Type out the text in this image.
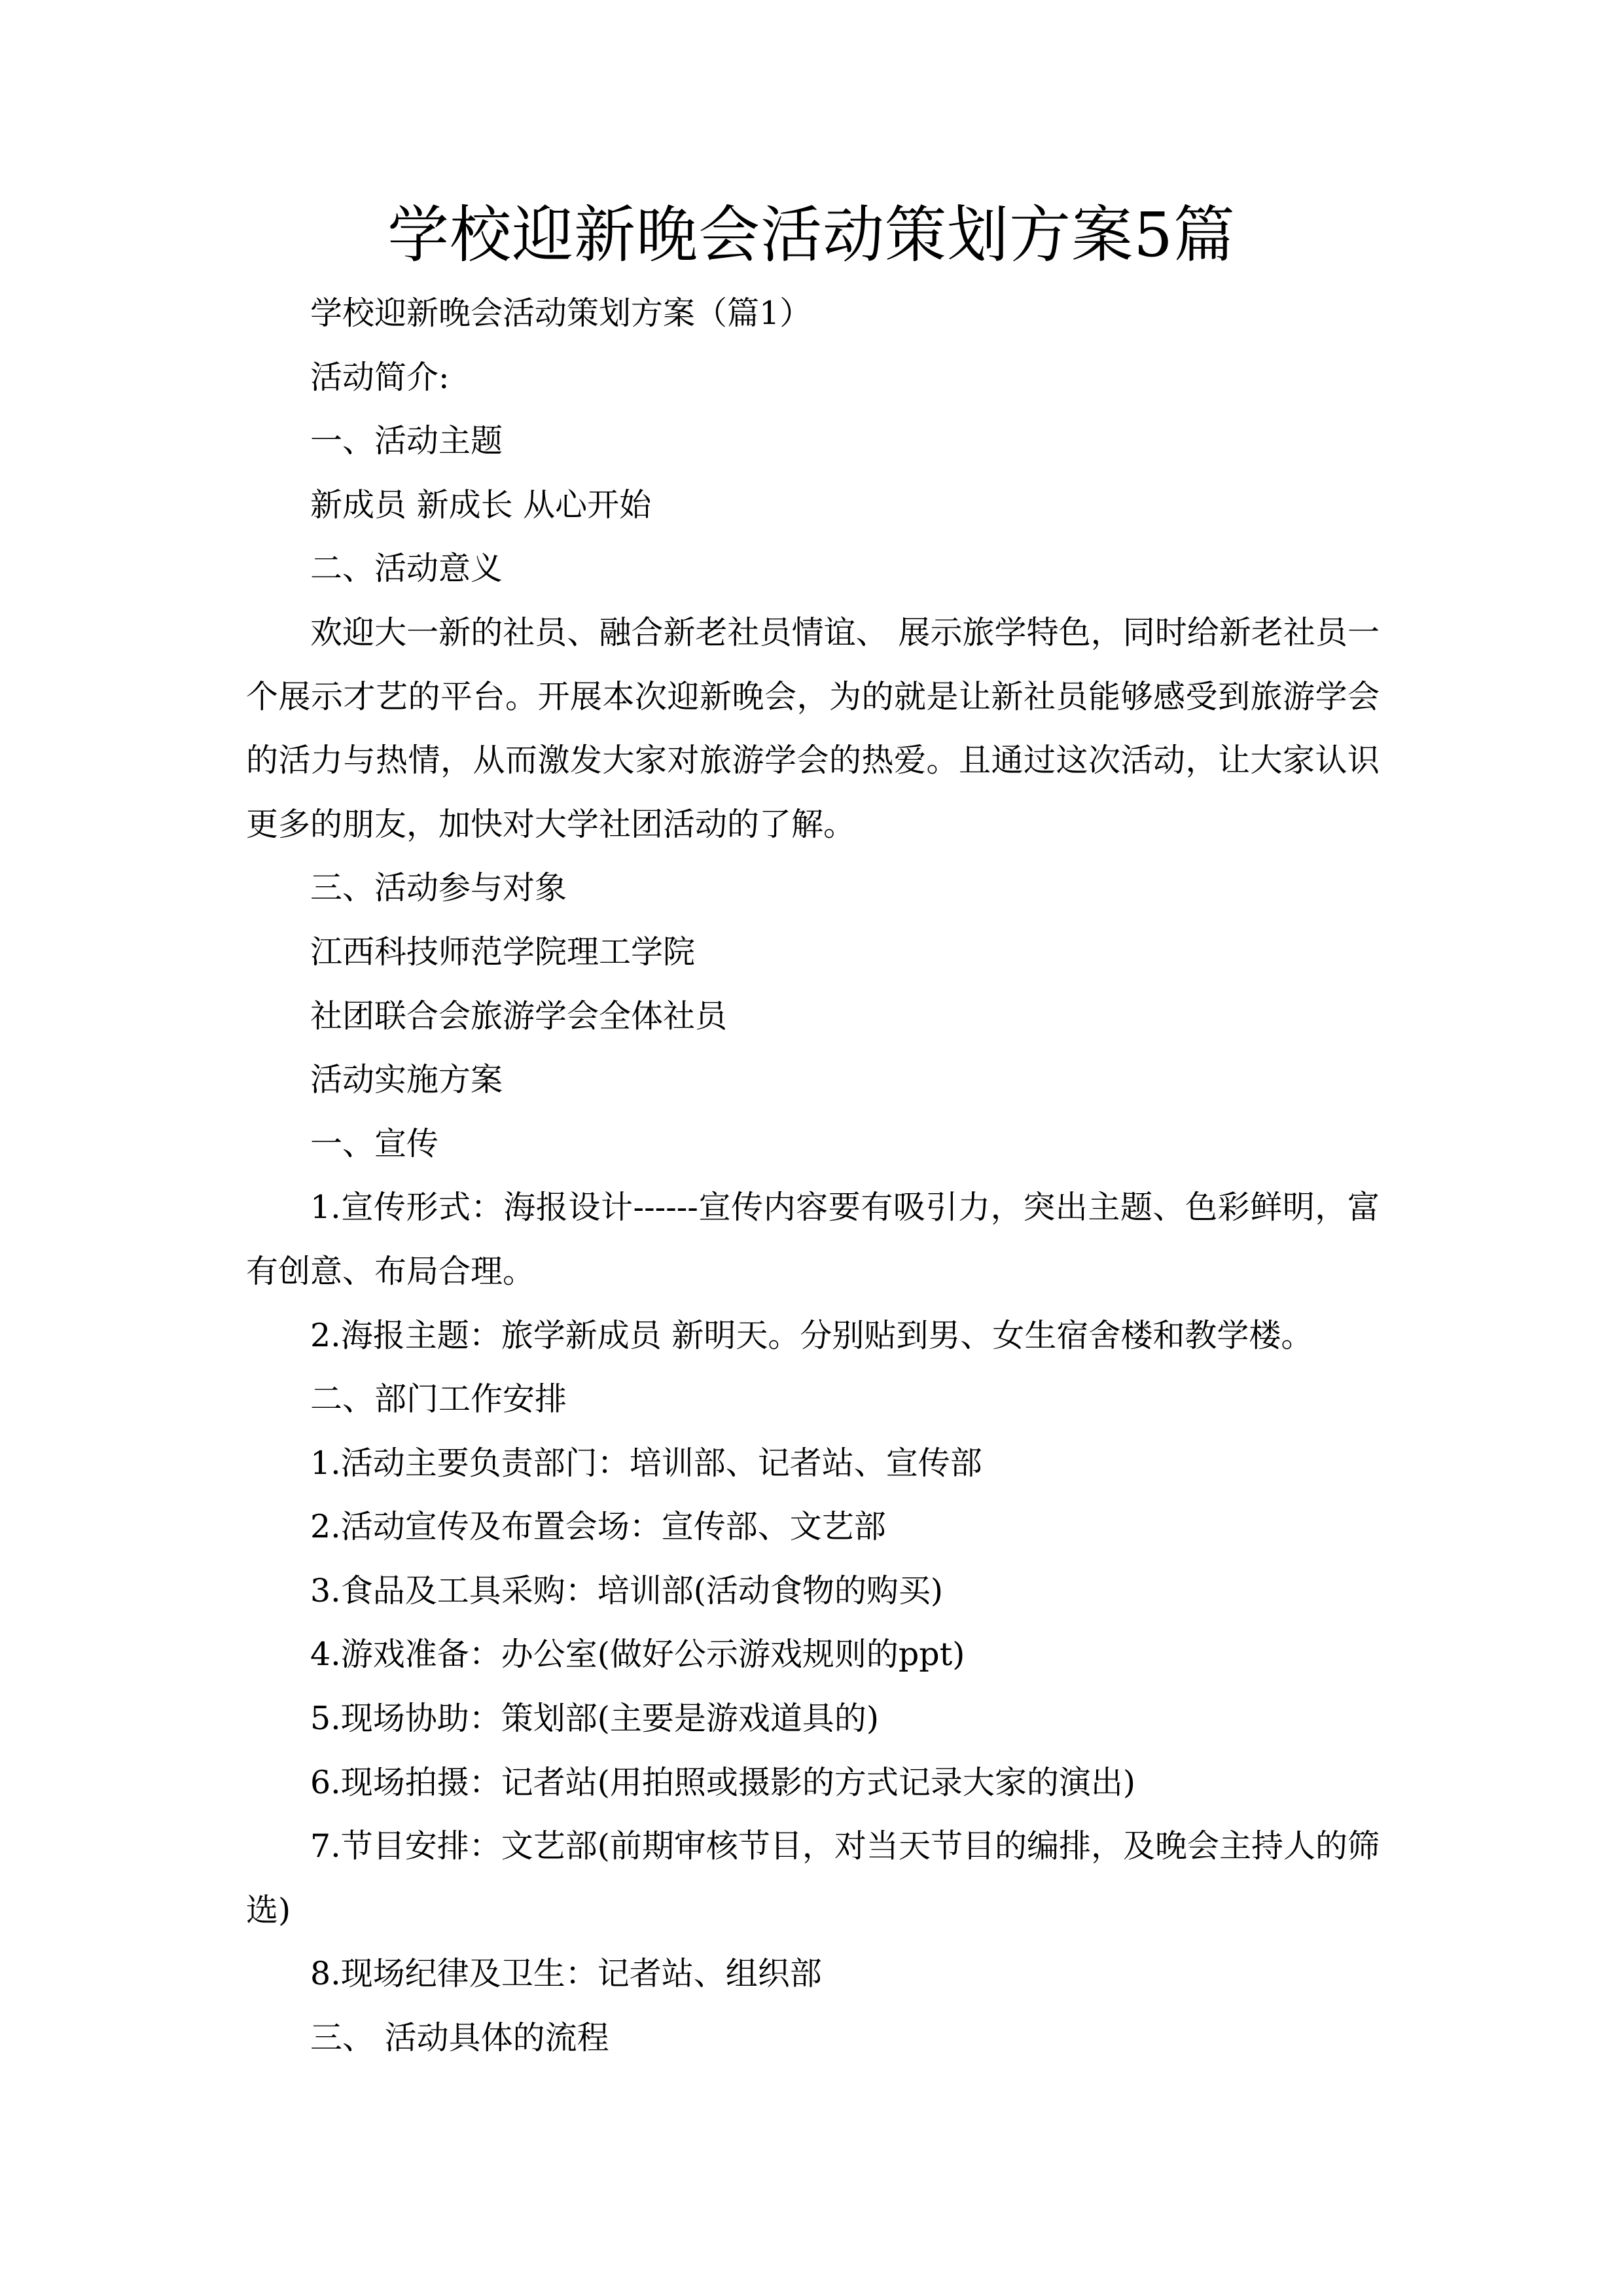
学校迎新晚会活动策划方案5篇

学校迎新晚会活动策划方案（篇1）

活动简介:

一、活动主题

新成员 新成长 从心开始

二、活动意义

欢迎大一新的社员、融合新老社员情谊、 展示旅学特色，同时给新老社员一个展示才艺的平台。开展本次迎新晚会，为的就是让新社员能够感受到旅游学会的活力与热情，从而激发大家对旅游学会的热爱。且通过这次活动，让大家认识更多的朋友，加快对大学社团活动的了解。

三、活动参与对象

江西科技师范学院理工学院

社团联合会旅游学会全体社员

活动实施方案

一、宣传

1.宣传形式：海报设计------宣传内容要有吸引力，突出主题、色彩鲜明，富有创意、布局合理。

2.海报主题：旅学新成员 新明天。分别贴到男、女生宿舍楼和教学楼。

二、部门工作安排

1.活动主要负责部门：培训部、记者站、宣传部

2.活动宣传及布置会场：宣传部、文艺部

3.食品及工具采购：培训部(活动食物的购买)

4.游戏准备：办公室(做好公示游戏规则的ppt)

5.现场协助：策划部(主要是游戏道具的)

6.现场拍摄：记者站(用拍照或摄影的方式记录大家的演出)

7.节目安排：文艺部(前期审核节目，对当天节目的编排，及晚会主持人的筛选)

8.现场纪律及卫生：记者站、组织部

三、 活动具体的流程
